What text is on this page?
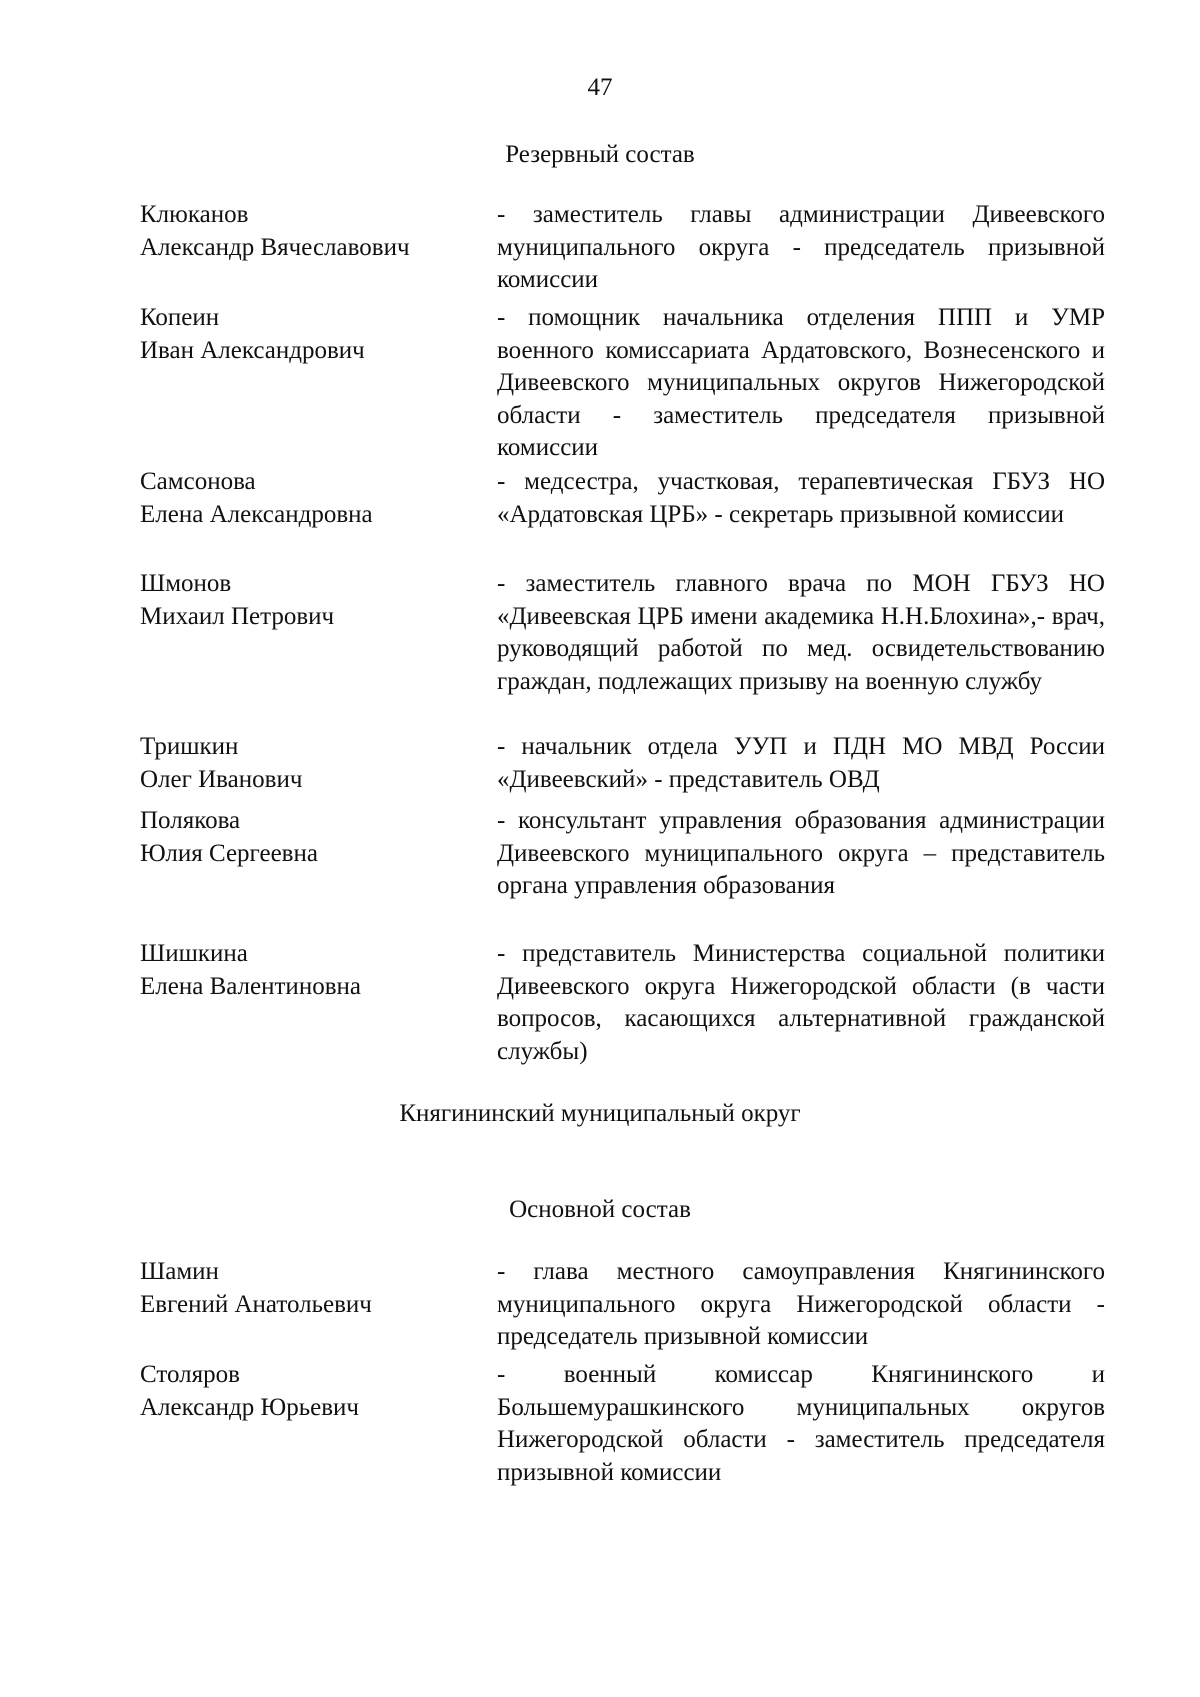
47
Резервный состав
Клюканов
Александр Вячеславович
- заместитель главы администрации Дивеевского муниципального округа - председатель призывной комиссии
Копеин
Иван Александрович
- помощник начальника отделения ППП и УМР военного комиссариата Ардатовского, Вознесенского и Дивеевского муниципальных округов Нижегородской области - заместитель председателя призывной комиссии
Самсонова
Елена Александровна
- медсестра, участковая, терапевтическая ГБУЗ НО «Ардатовская ЦРБ» - секретарь призывной комиссии
Шмонов
Михаил Петрович
- заместитель главного врача по МОН ГБУЗ НО «Дивеевская ЦРБ имени академика Н.Н.Блохина»,- врач, руководящий работой по мед. освидетельствованию граждан, подлежащих призыву на военную службу
Тришкин
Олег Иванович
- начальник отдела УУП и ПДН МО МВД России «Дивеевский» - представитель ОВД
Полякова
Юлия Сергеевна
- консультант управления образования администрации Дивеевского муниципального округа – представитель органа управления образования
Шишкина
Елена Валентиновна
- представитель Министерства социальной политики Дивеевского округа Нижегородской области (в части вопросов, касающихся альтернативной гражданской службы)
Княгининский муниципальный округ
Основной состав
Шамин
Евгений Анатольевич
- глава местного самоуправления Княгининского муниципального округа Нижегородской области - председатель призывной комиссии
Столяров
Александр Юрьевич
- военный комиссар Княгининского и Большемурашкинского муниципальных округов Нижегородской области - заместитель председателя призывной комиссии
